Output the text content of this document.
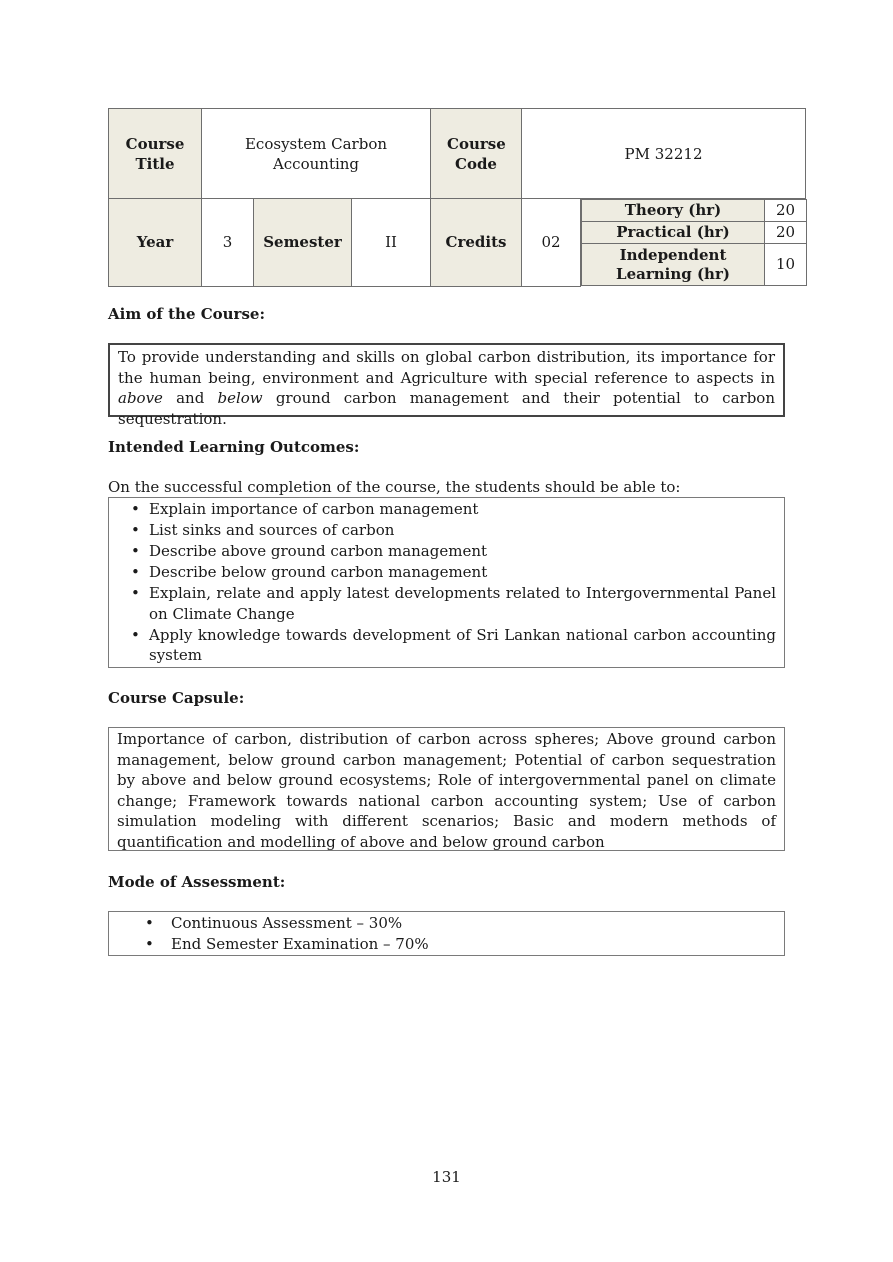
Course Title	Ecosystem Carbon Accounting	Course Code	PM 32212
Year	3	Semester	II	Credits	02	
Theory (hr)	20
Practical (hr)	20
Independent Learning (hr)	10
Aim of the Course:
To provide understanding and skills on global carbon distribution, its importance for the human being, environment and Agriculture with special reference to aspects in above and below ground carbon management and their potential to carbon sequestration.
Intended Learning Outcomes:
On the successful completion of the course, the students should be able to:
• Explain importance of carbon management
• List sinks and sources of carbon
• Describe above ground carbon management
• Describe below ground carbon management
• Explain, relate and apply latest developments related to Intergovernmental Panel on Climate Change
• Apply knowledge towards development of Sri Lankan national carbon accounting system
Course Capsule:
Importance of carbon, distribution of carbon across spheres; Above ground carbon management, below ground carbon management; Potential of carbon sequestration by above and below ground ecosystems; Role of intergovernmental panel on climate change; Framework towards national carbon accounting system; Use of carbon simulation modeling with different scenarios; Basic and modern methods of quantification and modelling of above and below ground carbon
Mode of Assessment:
• Continuous Assessment – 30%
• End Semester Examination – 70%
131
